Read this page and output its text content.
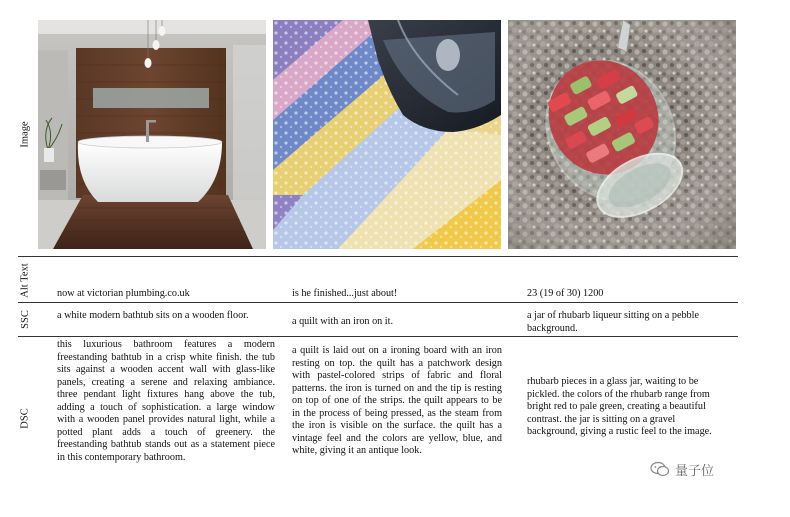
Image
Alt Text
SSC
DSC
now at victorian plumbing.co.uk	is he finished...just about!	23 (19 of 30) 1200
a white modern bathtub sits on a wooden floor.
a quilt with an iron on it.
a jar of rhubarb liqueur sitting on a pebble background.
this luxurious bathroom features a modern freestanding bathtub in a crisp white finish. the tub sits against a wooden accent wall with glass-like panels, creating a serene and relaxing ambiance. three pendant light fixtures hang above the tub, adding a touch of sophistication. a large window with a wooden panel provides natural light, while a potted plant adds a touch of greenery. the freestanding bathtub stands out as a statement piece in this contemporary bathroom.
a quilt is laid out on a ironing board with an iron resting on top. the quilt has a patchwork design with pastel-colored strips of fabric and floral patterns. the iron is turned on and the tip is resting on top of one of the strips. the quilt appears to be in the process of being pressed, as the steam from the iron is visible on the surface. the quilt has a vintage feel and the colors are yellow, blue, and white, giving it an antique look.
rhubarb pieces in a glass jar, waiting to be pickled. the colors of the rhubarb range from bright red to pale green, creating a beautiful contrast. the jar is sitting on a gravel background, giving a rustic feel to the image.
量子位
